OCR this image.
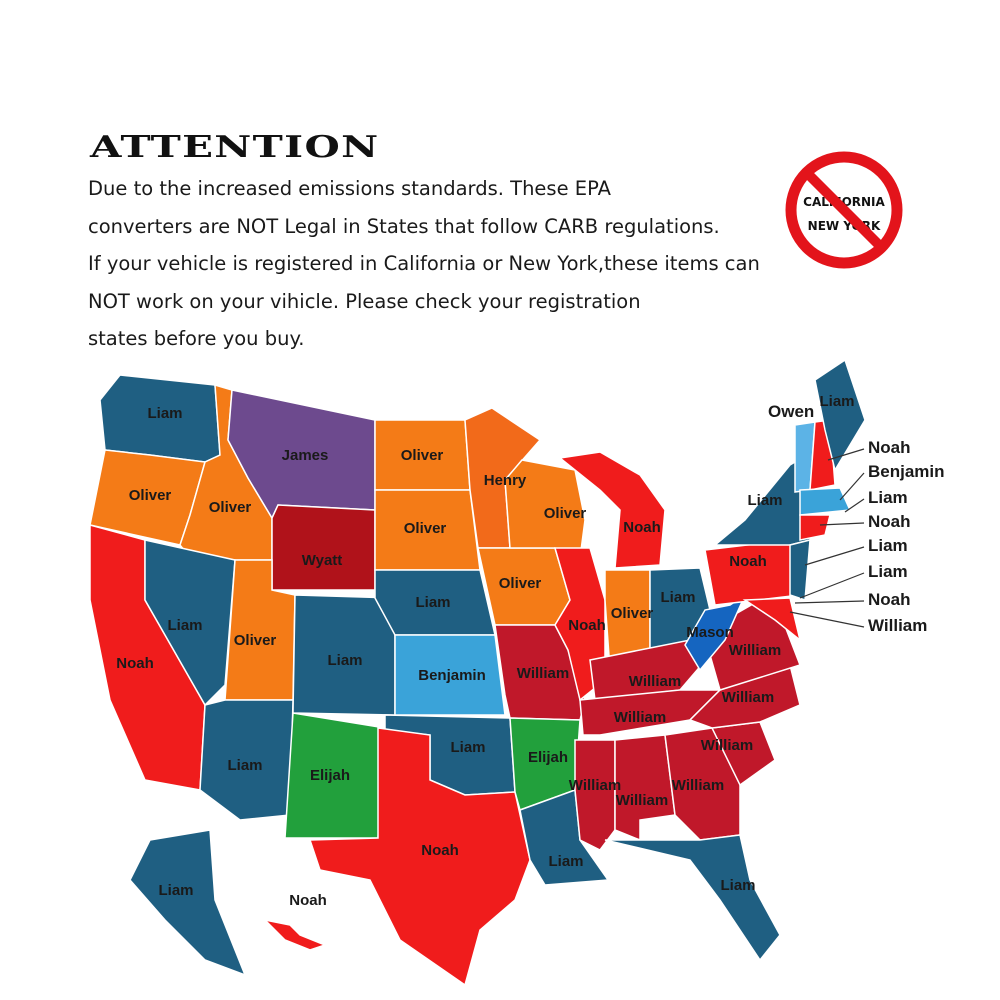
ATTENTION

Due to the increased emissions standards. These EPA
converters are NOT Legal in States that follow CARB regulations.
If your vehicle is registered in California or New York,these items can
NOT work on your vihicle. Please check your registration
states before you buy.

CALIFORNIA
NEW YORK
Liam
Oliver
Oliver
James
Wyatt
Noah
Liam
Oliver
Liam
Liam
Elijah
Oliver
Oliver
Liam
Benjamin
Liam
Noah
Henry
Oliver
William
Elijah
Liam
Oliver
Noah
Noah
Oliver
Liam
William
William
William
William
William
Liam
William
William
William
Mason
Noah
Liam
Liam
Liam
Noah
Owen
Noah
Benjamin
Liam
Noah
Liam
Liam
Noah
William
